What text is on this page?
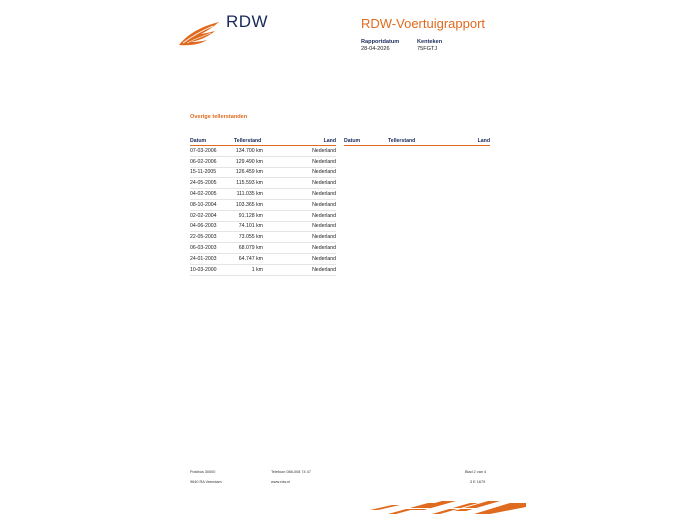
RDW	RDW-Voertuigrapport
Rapportdatum
28-04-2026
Kenteken
75FGTJ
Overige tellerstanden
Datum	Tellerstand	Land
07-03-2006	134.700 km	Nederland
06-02-2006	129.490 km	Nederland
15-11-2005	126.459 km	Nederland
24-05-2005	115.593 km	Nederland
04-02-2005	111.035 km	Nederland
08-10-2004	103.365 km	Nederland
02-02-2004	91.128 km	Nederland
04-06-2003	74.101 km	Nederland
22-05-2003	73.055 km	Nederland
06-03-2003	68.079 km	Nederland
24-01-2003	64.747 km	Nederland
10-03-2000	1 km	Nederland
Datum	Tellerstand	Land
Postbus 30000
9640 RA Veendam
Telefoon 088-008 74 47
www.rdw.nl
Blad 2 van 4
3 E 1679
